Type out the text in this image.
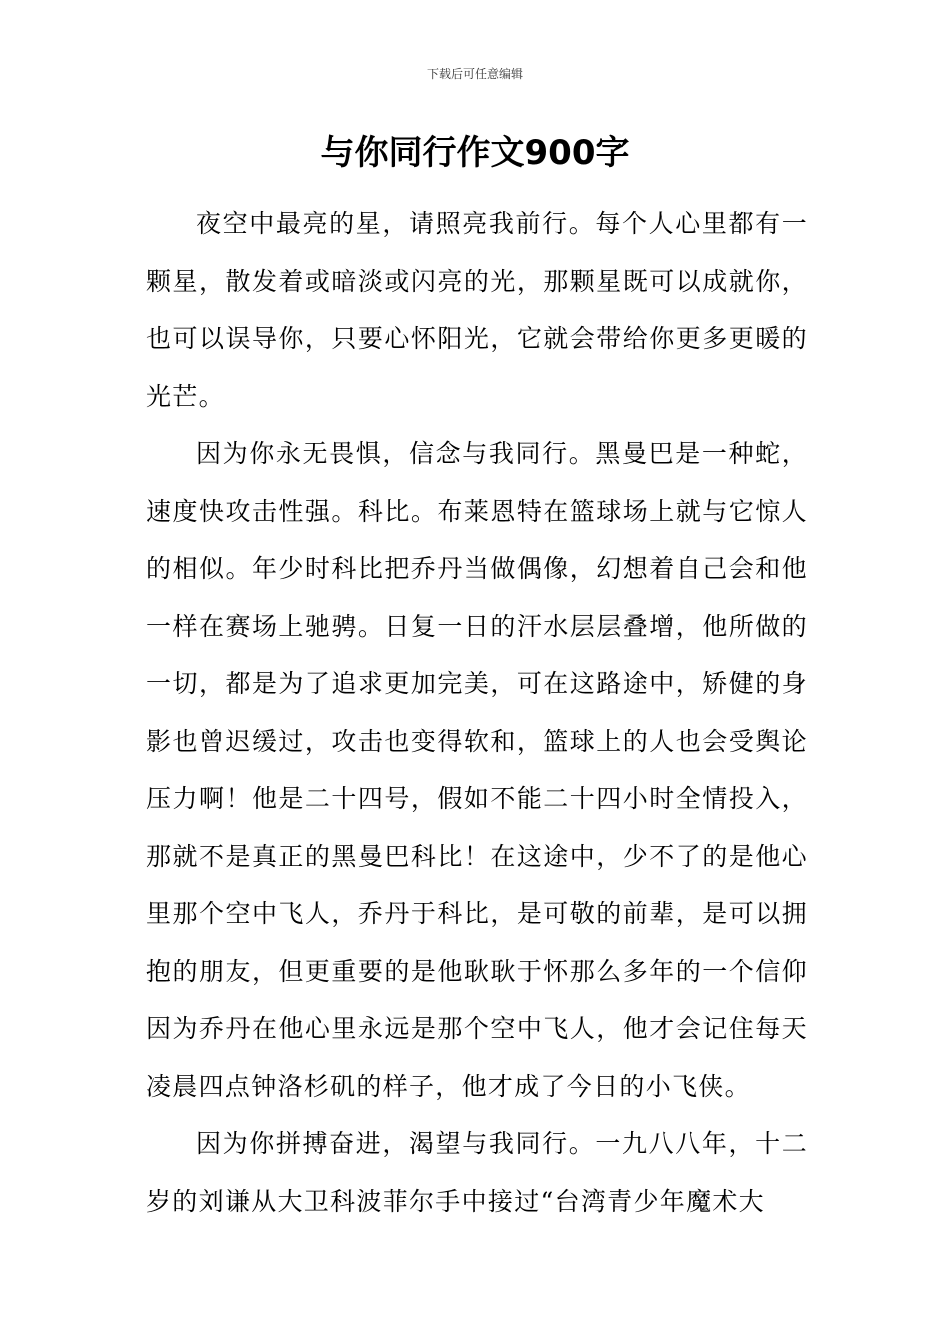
下载后可任意编辑
与你同行作文900字

夜空中最亮的星，请照亮我前行。每个人心里都有一颗星，散发着或暗淡或闪亮的光，那颗星既可以成就你，也可以误导你，只要心怀阳光，它就会带给你更多更暖的光芒。

因为你永无畏惧，信念与我同行。黑曼巴是一种蛇，速度快攻击性强。科比。布莱恩特在篮球场上就与它惊人的相似。年少时科比把乔丹当做偶像，幻想着自己会和他一样在赛场上驰骋。日复一日的汗水层层叠增，他所做的一切，都是为了追求更加完美，可在这路途中，矫健的身影也曾迟缓过，攻击也变得软和，篮球上的人也会受舆论压力啊！他是二十四号，假如不能二十四小时全情投入，那就不是真正的黑曼巴科比！在这途中，少不了的是他心里那个空中飞人，乔丹于科比，是可敬的前辈，是可以拥抱的朋友，但更重要的是他耿耿于怀那么多年的一个信仰因为乔丹在他心里永远是那个空中飞人，他才会记住每天凌晨四点钟洛杉矶的样子，他才成了今日的小飞侠。

因为你拼搏奋进，渴望与我同行。一九八八年，十二岁的刘谦从大卫科波菲尔手中接过“台湾青少年魔术大
